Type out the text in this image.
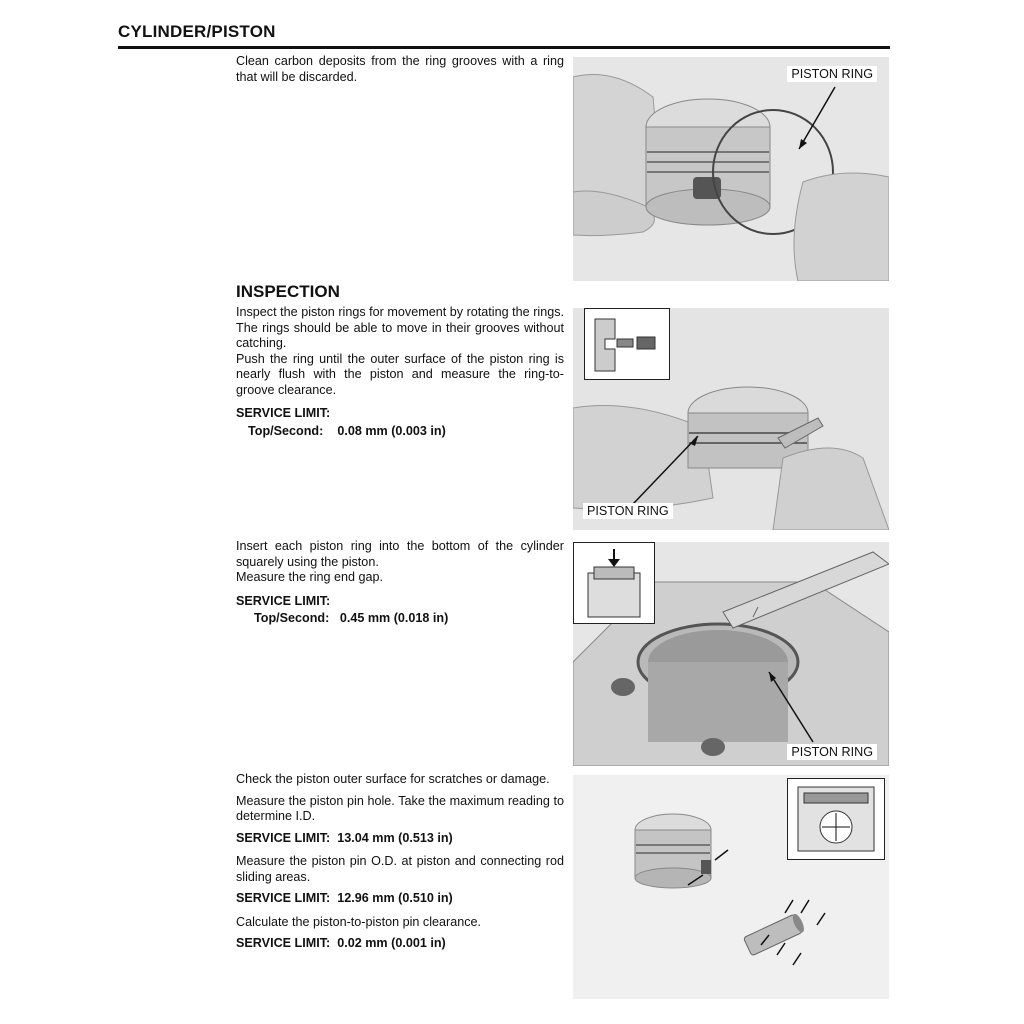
CYLINDER/PISTON

Clean carbon deposits from the ring grooves with a ring that will be discarded.	PISTON RING
INSPECTION

Inspect the piston rings for movement by rotating the rings. The rings should be able to move in their grooves without catching.

Push the ring until the outer surface of the piston ring is nearly flush with the piston and measure the ring-to-groove clearance.

SERVICE LIMIT:
Top/Second:    0.08 mm (0.003 in)
PISTON RING

Insert each piston ring into the bottom of the cylinder squarely using the piston.

Measure the ring end gap.

SERVICE LIMIT:
Top/Second:   0.45 mm (0.018 in)
PISTON RING

Check the piston outer surface for scratches or damage.

Measure the piston pin hole. Take the maximum reading to determine I.D.

SERVICE LIMIT:  13.04 mm (0.513 in)

Measure the piston pin O.D. at piston and connecting rod sliding areas.

SERVICE LIMIT:  12.96 mm (0.510 in)

Calculate the piston-to-piston pin clearance.

SERVICE LIMIT:  0.02 mm (0.001 in)
